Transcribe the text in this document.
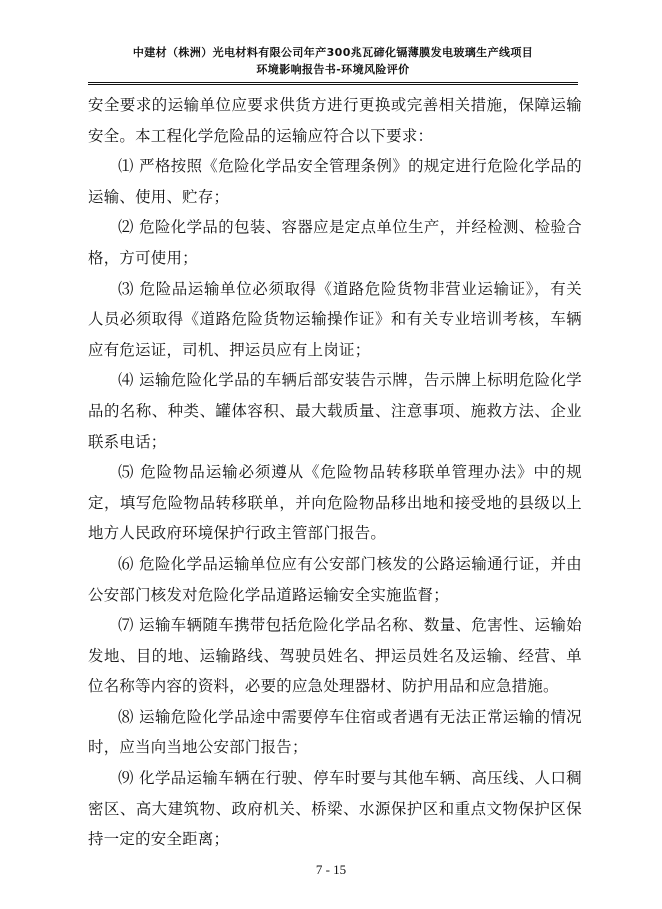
中建材（株洲）光电材料有限公司年产300兆瓦碲化镉薄膜发电玻璃生产线项目
环境影响报告书-环境风险评价

安全要求的运输单位应要求供货方进行更换或完善相关措施，保障运输安全。本工程化学危险品的运输应符合以下要求：

⑴ 严格按照《危险化学品安全管理条例》的规定进行危险化学品的运输、使用、贮存；

⑵ 危险化学品的包装、容器应是定点单位生产，并经检测、检验合格，方可使用；

⑶ 危险品运输单位必须取得《道路危险货物非营业运输证》，有关人员必须取得《道路危险货物运输操作证》和有关专业培训考核，车辆应有危运证，司机、押运员应有上岗证；

⑷ 运输危险化学品的车辆后部安装告示牌，告示牌上标明危险化学品的名称、种类、罐体容积、最大载质量、注意事项、施救方法、企业联系电话；

⑸ 危险物品运输必须遵从《危险物品转移联单管理办法》中的规定，填写危险物品转移联单，并向危险物品移出地和接受地的县级以上地方人民政府环境保护行政主管部门报告。

⑹ 危险化学品运输单位应有公安部门核发的公路运输通行证，并由公安部门核发对危险化学品道路运输安全实施监督；

⑺ 运输车辆随车携带包括危险化学品名称、数量、危害性、运输始发地、目的地、运输路线、驾驶员姓名、押运员姓名及运输、经营、单位名称等内容的资料，必要的应急处理器材、防护用品和应急措施。

⑻ 运输危险化学品途中需要停车住宿或者遇有无法正常运输的情况时，应当向当地公安部门报告；

⑼ 化学品运输车辆在行驶、停车时要与其他车辆、高压线、人口稠密区、高大建筑物、政府机关、桥梁、水源保护区和重点文物保护区保持一定的安全距离；

7 - 15
